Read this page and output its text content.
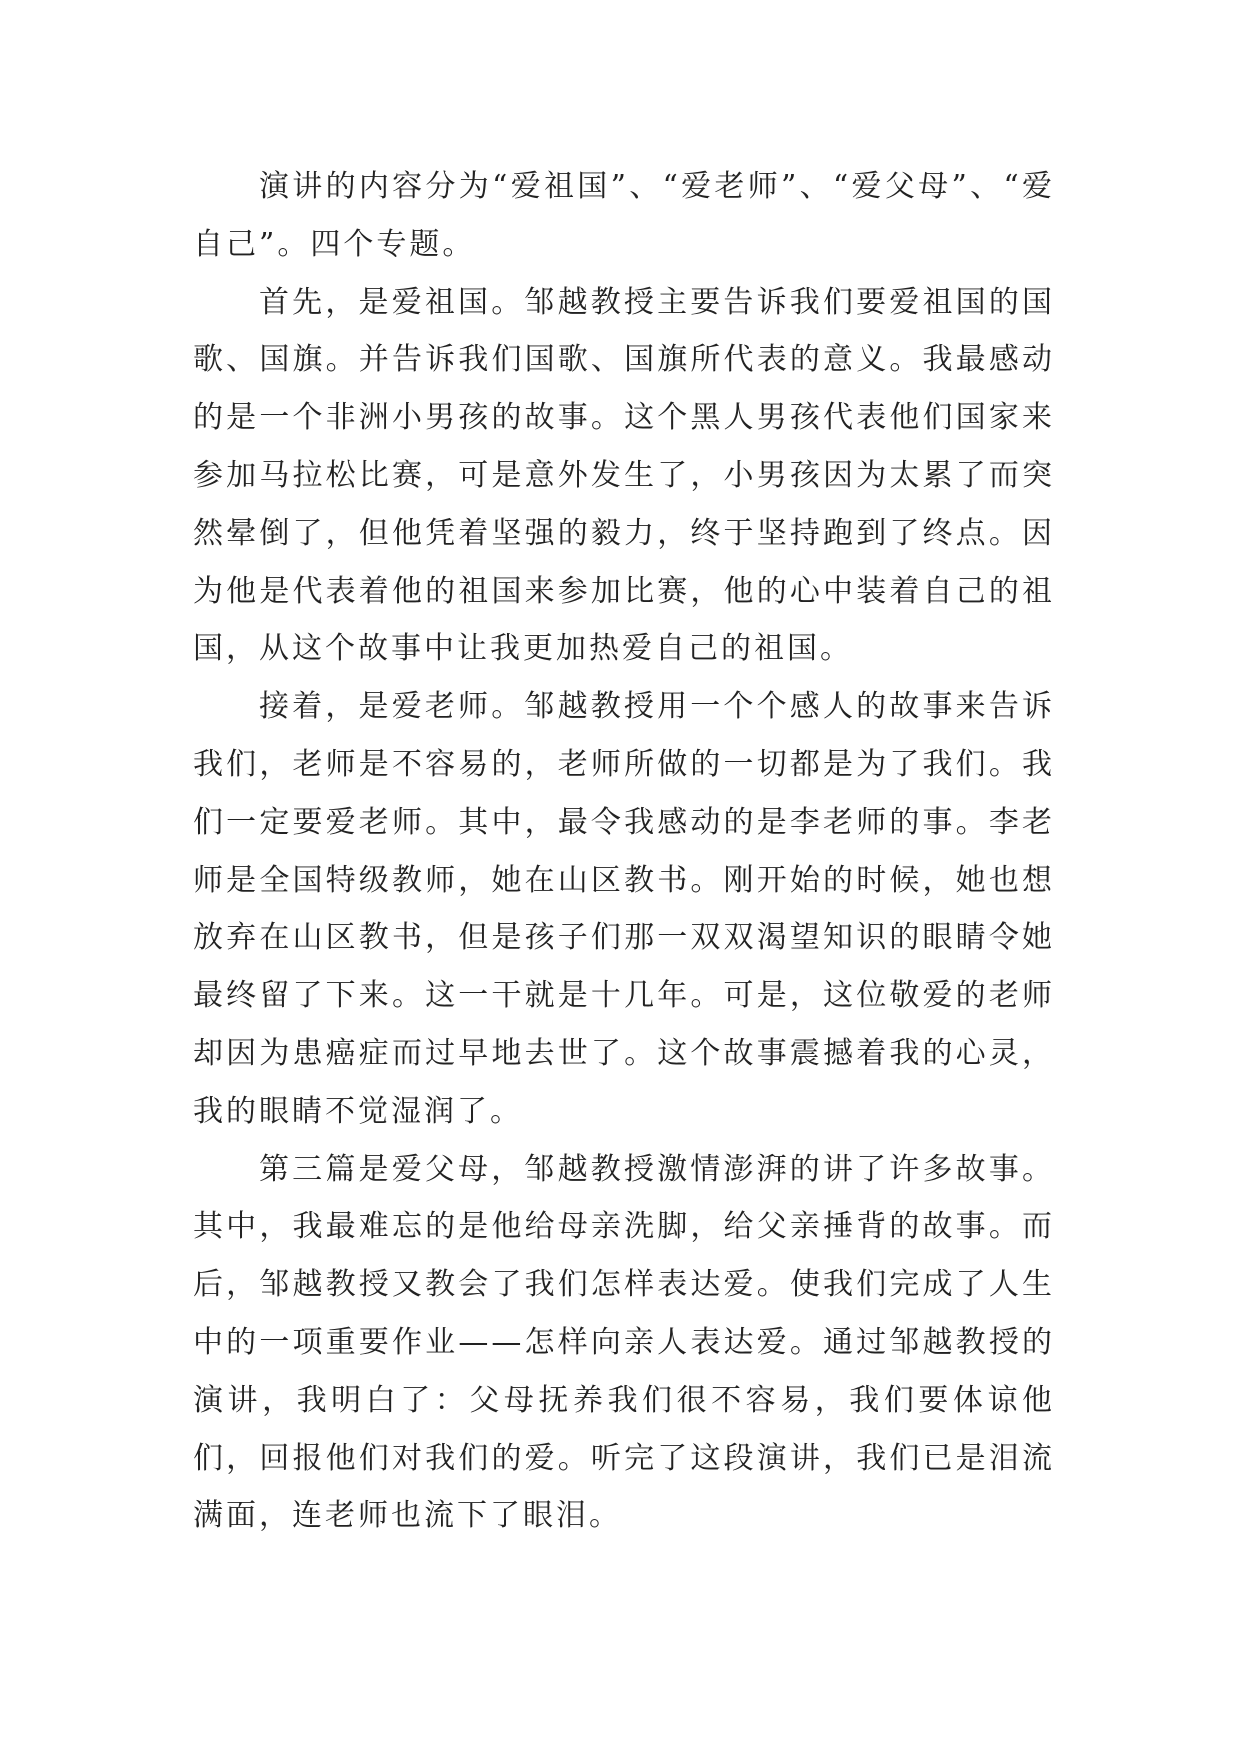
演讲的内容分为“爱祖国”、“爱老师”、“爱父母”、“爱自己”。四个专题。

首先，是爱祖国。邹越教授主要告诉我们要爱祖国的国歌、国旗。并告诉我们国歌、国旗所代表的意义。我最感动的是一个非洲小男孩的故事。这个黑人男孩代表他们国家来参加马拉松比赛，可是意外发生了，小男孩因为太累了而突然晕倒了，但他凭着坚强的毅力，终于坚持跑到了终点。因为他是代表着他的祖国来参加比赛，他的心中装着自己的祖国，从这个故事中让我更加热爱自己的祖国。

接着，是爱老师。邹越教授用一个个感人的故事来告诉我们，老师是不容易的，老师所做的一切都是为了我们。我们一定要爱老师。其中，最令我感动的是李老师的事。李老师是全国特级教师，她在山区教书。刚开始的时候，她也想放弃在山区教书，但是孩子们那一双双渴望知识的眼睛令她最终留了下来。这一干就是十几年。可是，这位敬爱的老师却因为患癌症而过早地去世了。这个故事震撼着我的心灵，我的眼睛不觉湿润了。

第三篇是爱父母，邹越教授激情澎湃的讲了许多故事。其中，我最难忘的是他给母亲洗脚，给父亲捶背的故事。而后，邹越教授又教会了我们怎样表达爱。使我们完成了人生中的一项重要作业——怎样向亲人表达爱。通过邹越教授的演讲，我明白了：父母抚养我们很不容易，我们要体谅他们，回报他们对我们的爱。听完了这段演讲，我们已是泪流满面，连老师也流下了眼泪。
